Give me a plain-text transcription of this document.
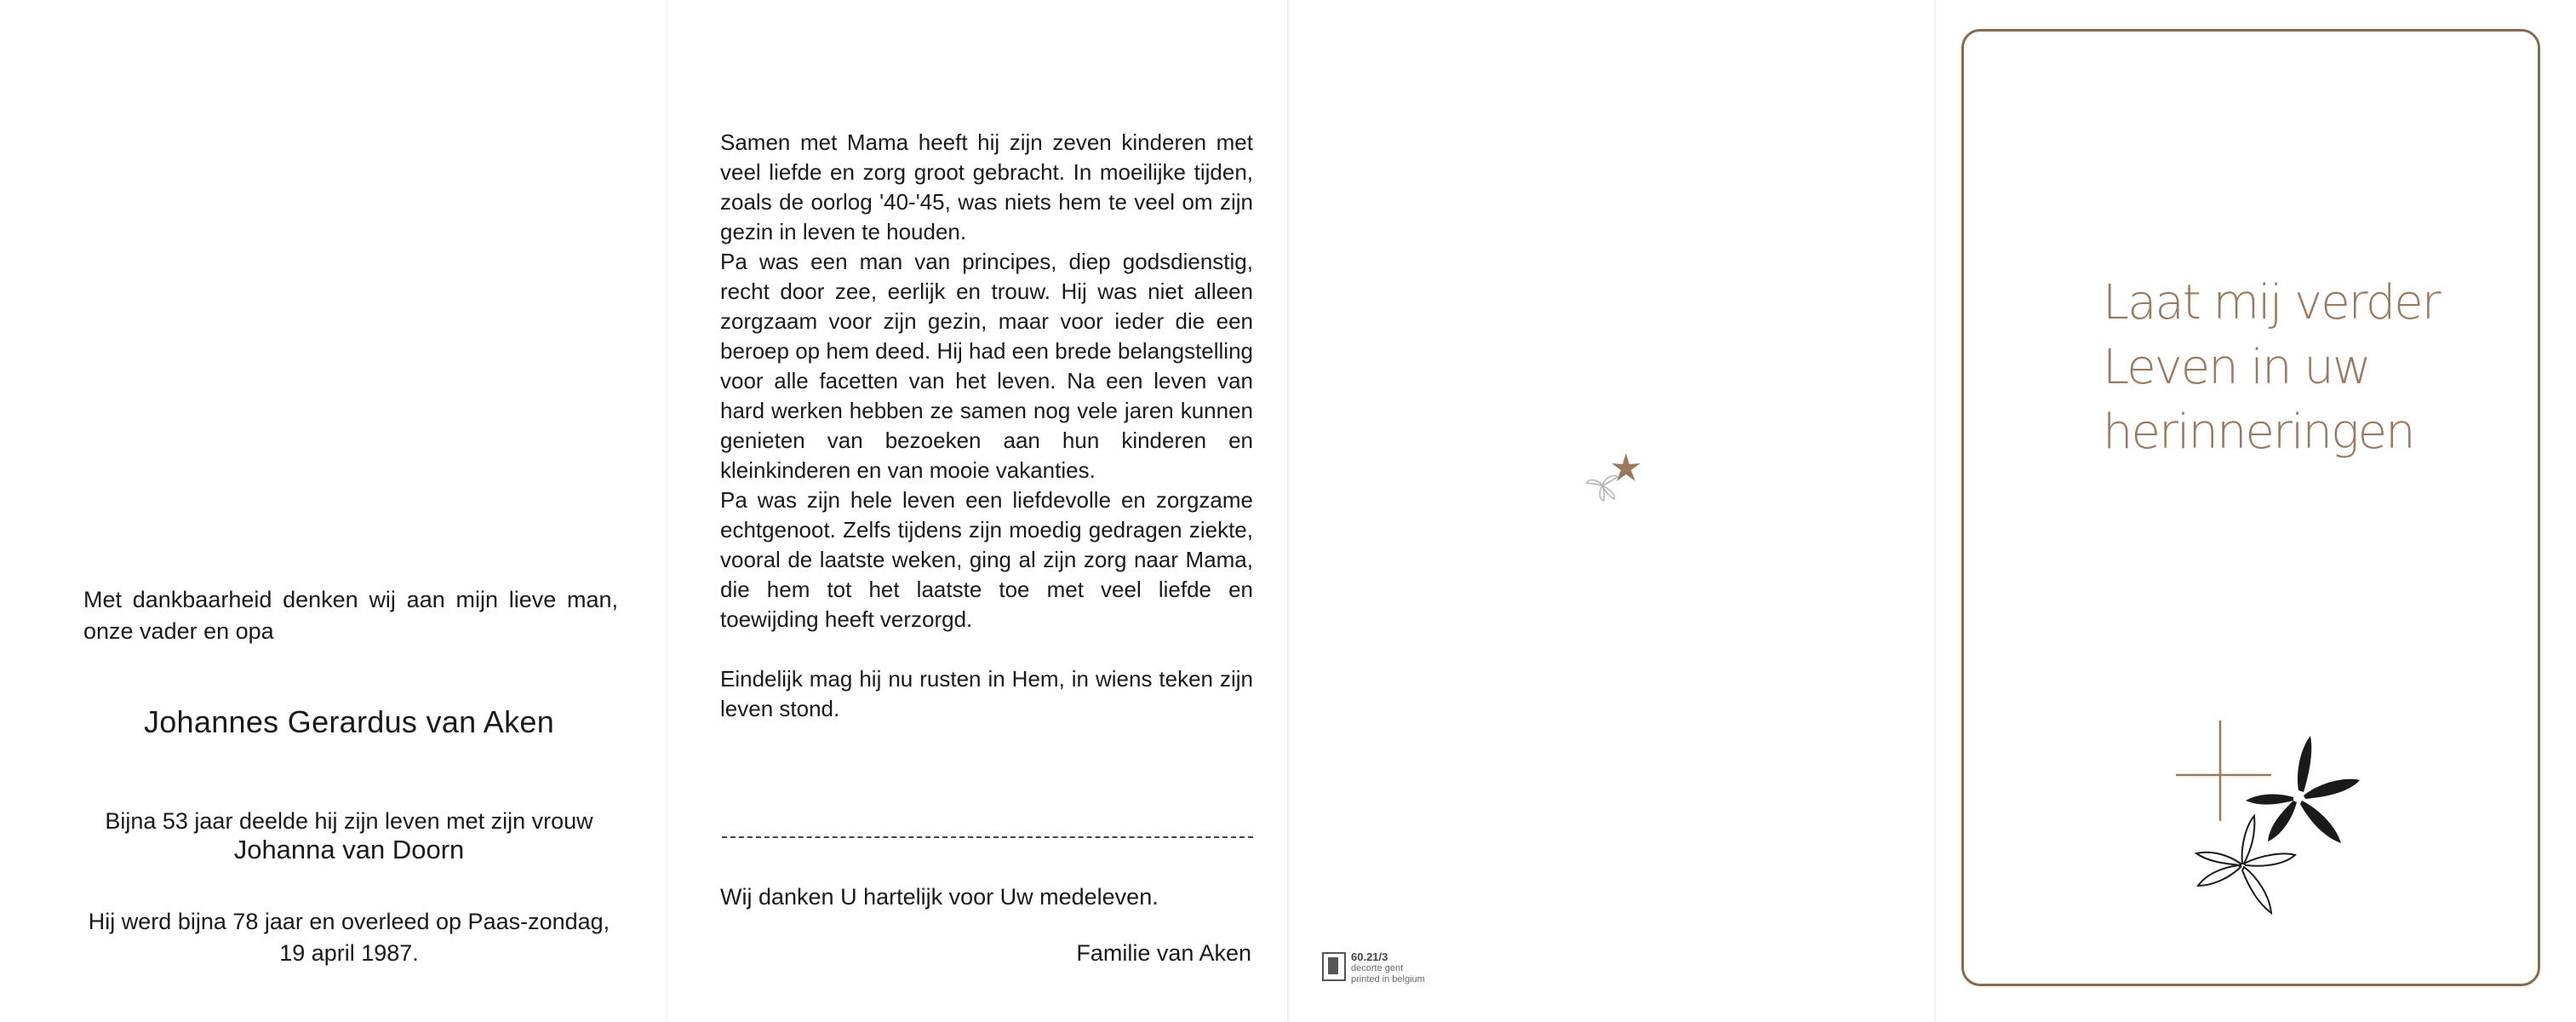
Met dankbaarheid denken wij aan mijn lieve man, onze vader en opa
Johannes Gerardus van Aken
Bijna 53 jaar deelde hij zijn leven met zijn vrouw
Johanna van Doorn
Hij werd bijna 78 jaar en overleed op Paas-zondag, 19 april 1987.

Samen met Mama heeft hij zijn zeven kinderen met veel liefde en zorg groot gebracht. In moeilijke tijden, zoals de oorlog '40-'45, was niets hem te veel om zijn gezin in leven te houden.

Pa was een man van principes, diep godsdienstig, recht door zee, eerlijk en trouw. Hij was niet alleen zorgzaam voor zijn gezin, maar voor ieder die een beroep op hem deed. Hij had een brede belangstelling voor alle facetten van het leven. Na een leven van hard werken hebben ze samen nog vele jaren kunnen genieten van bezoeken aan hun kinderen en kleinkinderen en van mooie vakanties.

Pa was zijn hele leven een liefdevolle en zorgzame echtgenoot. Zelfs tijdens zijn moedig gedragen ziekte, vooral de laatste weken, ging al zijn zorg naar Mama, die hem tot het laatste toe met veel liefde en toewijding heeft verzorgd.

Eindelijk mag hij nu rusten in Hem, in wiens teken zijn leven stond.

Wij danken U hartelijk voor Uw medeleven.
Familie van Aken	60.21/3
decorte gent
printed in belgium
Laat mij verder
Leven in uw
herinneringen
